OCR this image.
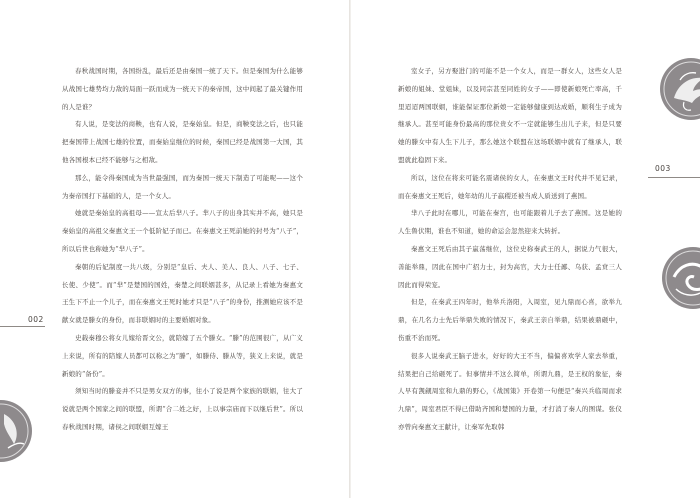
春秋战国时期，各国纷乱，最后还是由秦国一统了天下。但是秦国为什么能够从战国七雄势均力敌的局面一跃而成为一统天下的秦帝国，这中间起了最关键作用的人是谁？

有人说，是变法的商鞅，也有人说，是秦始皇。但是，商鞅变法之后，也只能把秦国带上战国七雄的位置，而秦始皇继位的时候，秦国已经是战国第一大国，其他各国根本已经不能够与之相敌。

那么，能令得秦国成为当世最强国，而为秦国一统天下制造了可能呢——这个为秦帝国打下基础的人，是一个女人。

她就是秦始皇的高祖母——宣太后芈八子。芈八子的出身其实并不高，她只是秦始皇的高祖父秦惠文王一个低阶妃子而已。在秦惠文王死前她的封号为“八子”，所以后世也称她为“芈八子”。

秦朝的后妃制度一共八级，分别是“皇后、夫人、美人、良人、八子、七子、长使、少使”。而“芈”是楚国的国姓，秦楚之间联姻甚多，从记录上看她为秦惠文王生下不止一个儿子，而在秦惠文王死时她才只是“八子”的身份，推测她应该不是献女就是滕女的身份，而非联姻时的主要婚姻对象。

史载秦穆公将女儿嫁给晋文公，就陪嫁了五个滕女。“滕”的范围很广，从广义上来说，所有的陪嫁人员都可以称之为“滕”，如滕侍、滕从等，狭义上来说，就是新娘的“备份”。

须知当时的滕妾并不只是男女双方的事，往小了说是两个家族的联姻，往大了说就是两个国家之间的联盟，所谓“合二姓之好，上以事宗庙而下以继后世”。所以春秋战国时期，诸侯之间联姻互嫁王

室女子，另方娶进门的可能不是一个女人，而是一群女人，这些女人是新娘的姐妹、堂姐妹，以及同宗甚至同姓的女子——即使新娘死亡率高，千里迢迢两国联姻，谁能保证那位新娘一定能够健康到达成婚，顺利生子成为继承人。甚至可能身份最高的那位贵女不一定就能够生出儿子来，但是只要她的滕女中有人生下儿子，那么她这个联盟在这场联姻中就有了继承人，联盟就此稳固下来。

所以，这位在将来可能名震诸侯的女人，在秦惠文王时代并不见记录，而在秦惠文王死后，她年幼的儿子嬴稷还被当成人质送到了燕国。

芈八子此时在哪儿，可能在秦宫，也可能跟着儿子去了燕国。这是她的人生鲁伏期，谁也不知道，她的命运会忽然迎来大转折。

秦惠文王死后由其子嬴荡继位，这位史称秦武王的人，据说力气很大，善能举鼎，因此在国中广招力士，封为高官，大力士任鄙、乌获、孟贲三人因此而得荣宠。

但是，在秦武王四年时，他举兵洛阳，入周室，见九鼎而心喜，欲举九鼎，在几名力士先后举鼎失败的情况下，秦武王亲自举鼎，结果被鼎砸中，伤重不治而死。

很多人说秦武王脑子进水，好好的大王不当，偏偏喜欢学人家去举重，结果把自己给砸死了。但事情并不这么简单，所谓九鼎，是王权的象征，秦人早有觊觎周室和九鼎的野心，《战国策》开卷第一句便是“秦兴兵临周而求九鼎”，周室君臣不得已借助齐国和楚国的力量，才打消了秦人的图谋。张仪亦曾向秦惠文王献计，让秦军先取韩

002
003
